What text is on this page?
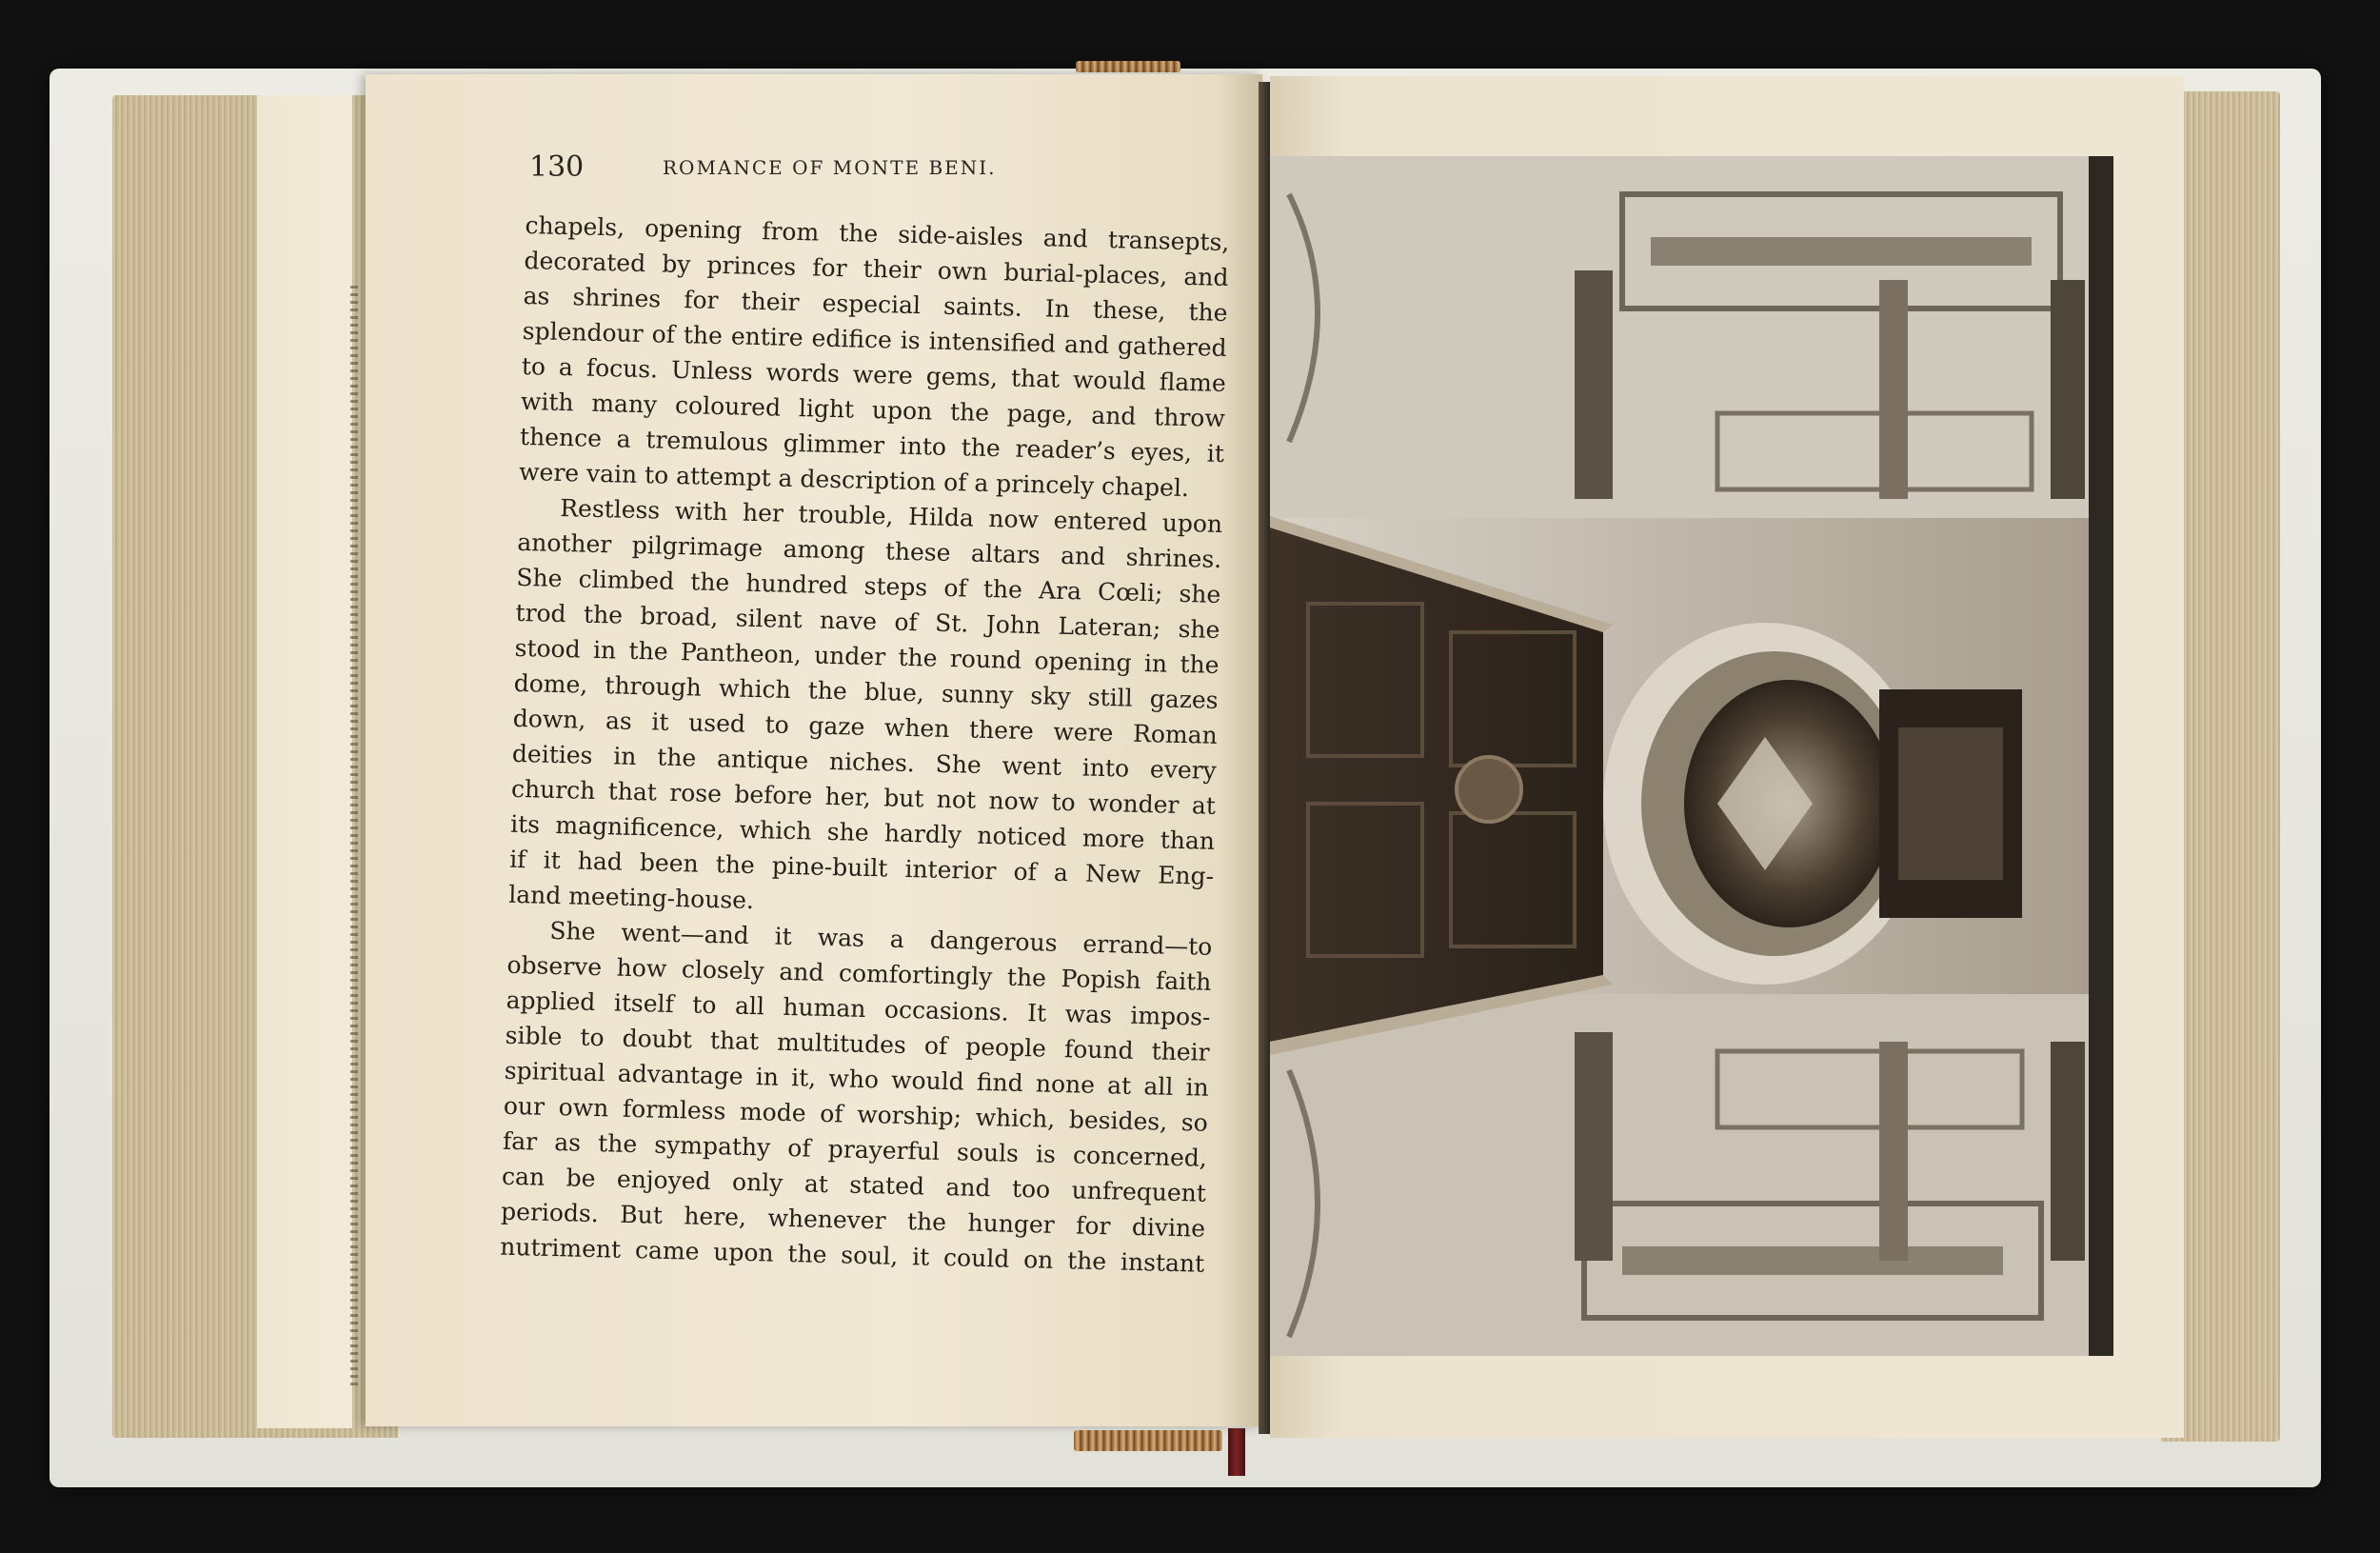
130	ROMANCE OF MONTE BENI.

chapels, opening from the side-aisles and transepts,
decorated by princes for their own burial-places, and
as shrines for their especial saints. In these, the
splendour of the entire edifice is intensified and gathered
to a focus. Unless words were gems, that would flame
with many coloured light upon the page, and throw
thence a tremulous glimmer into the reader’s eyes, it
were vain to attempt a description of a princely chapel.

Restless with her trouble, Hilda now entered upon
another pilgrimage among these altars and shrines.
She climbed the hundred steps of the Ara Cœli; she
trod the broad, silent nave of St. John Lateran; she
stood in the Pantheon, under the round opening in the
dome, through which the blue, sunny sky still gazes
down, as it used to gaze when there were Roman
deities in the antique niches. She went into every
church that rose before her, but not now to wonder at
its magnificence, which she hardly noticed more than
if it had been the pine-built interior of a New Eng-
land meeting-house.

She went—and it was a dangerous errand—to
observe how closely and comfortingly the Popish faith
applied itself to all human occasions. It was impos-
sible to doubt that multitudes of people found their
spiritual advantage in it, who would find none at all in
our own formless mode of worship; which, besides, so
far as the sympathy of prayerful souls is concerned,
can be enjoyed only at stated and too unfrequent
periods. But here, whenever the hunger for divine
nutriment came upon the soul, it could on the instant
